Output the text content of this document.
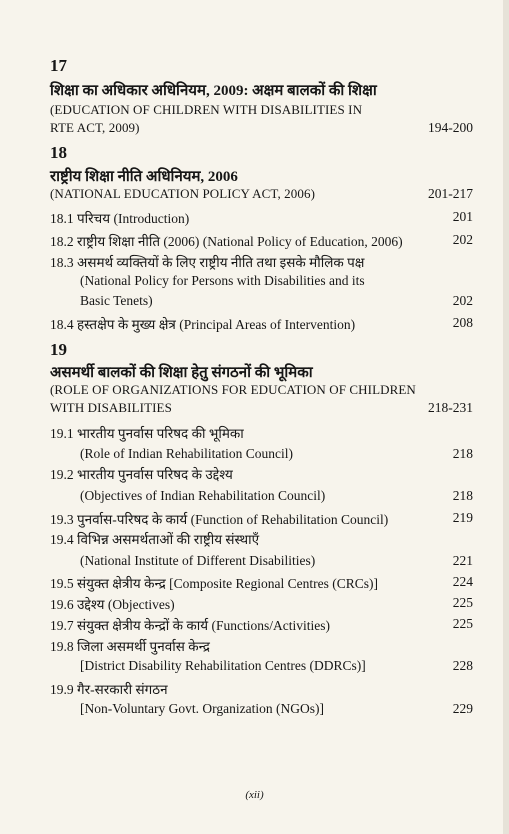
17
शिक्षा का अधिकार अधिनियम, 2009: अक्षम बालकों की शिक्षा
(EDUCATION OF CHILDREN WITH DISABILITIES IN
RTE ACT, 2009)	194-200
18
राष्ट्रीय शिक्षा नीति अधिनियम, 2006
(NATIONAL EDUCATION POLICY ACT, 2006)	201-217
18.1 परिचय (Introduction)	201
18.2 राष्ट्रीय शिक्षा नीति (2006) (National Policy of Education, 2006)	202
18.3 असमर्थ व्यक्तियों के लिए राष्ट्रीय नीति तथा इसके मौलिक पक्ष
(National Policy for Persons with Disabilities and its
Basic Tenets)	202
18.4 हस्तक्षेप के मुख्य क्षेत्र (Principal Areas of Intervention)	208
19
असमर्थी बालकों की शिक्षा हेतु संगठनों की भूमिका
(ROLE OF ORGANIZATIONS FOR EDUCATION OF CHILDREN
WITH DISABILITIES	218-231
19.1 भारतीय पुनर्वास परिषद की भूमिका
(Role of Indian Rehabilitation Council)	218
19.2 भारतीय पुनर्वास परिषद के उद्देश्य
(Objectives of Indian Rehabilitation Council)	218
19.3 पुनर्वास-परिषद के कार्य (Function of Rehabilitation Council)	219
19.4 विभिन्न असमर्थताओं की राष्ट्रीय संस्थाएँ
(National Institute of Different Disabilities)	221
19.5 संयुक्त क्षेत्रीय केन्द्र [Composite Regional Centres (CRCs)]	224
19.6 उद्देश्य (Objectives)	225
19.7 संयुक्त क्षेत्रीय केन्द्रों के कार्य (Functions/Activities)	225
19.8 जिला असमर्थी पुनर्वास केन्द्र
[District Disability Rehabilitation Centres (DDRCs)]	228
19.9 गैर-सरकारी संगठन
[Non-Voluntary Govt. Organization (NGOs)]	229
(xii)
